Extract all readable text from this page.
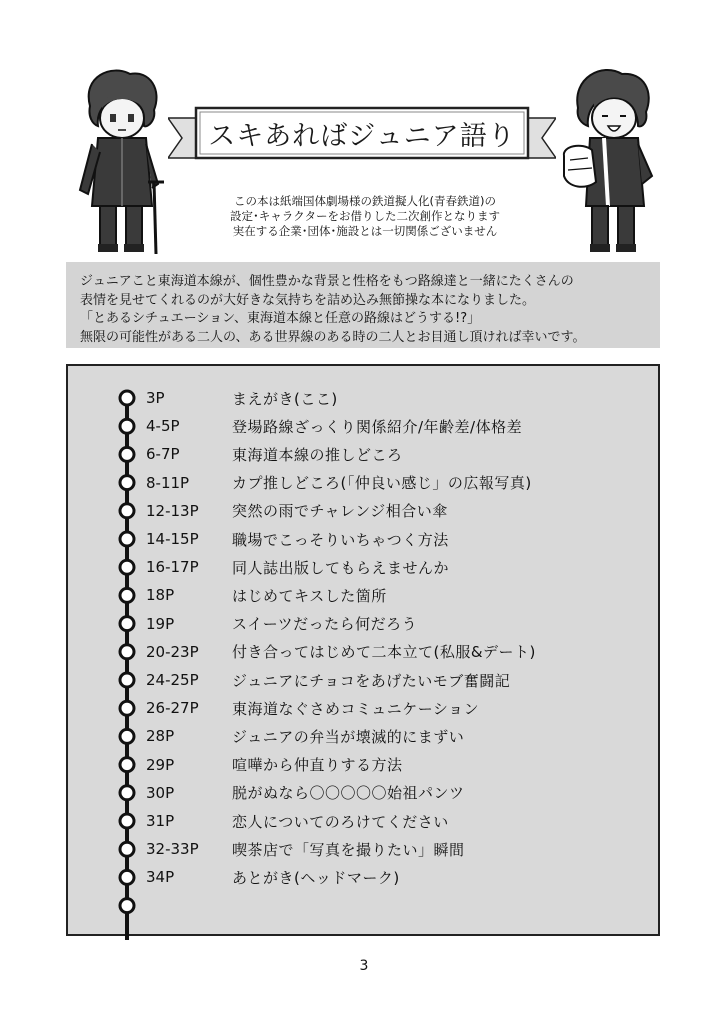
スキあればジュニア語り
この本は紙端国体劇場様の鉄道擬人化(青春鉄道)の
設定･キャラクターをお借りした二次創作となります
実在する企業･団体･施設とは一切関係ございません
ジュニアこと東海道本線が、個性豊かな背景と性格をもつ路線達と一緒にたくさんの
表情を見せてくれるのが大好きな気持ちを詰め込み無節操な本になりました。
「とあるシチュエーション、東海道本線と任意の路線はどうする!?」
無限の可能性がある二人の、ある世界線のある時の二人とお目通し頂ければ幸いです。
3P	まえがき(ここ)
4-5P	登場路線ざっくり関係紹介/年齢差/体格差
6-7P	東海道本線の推しどころ
8-11P	カプ推しどころ(「仲良い感じ」の広報写真)
12-13P 突然の雨でチャレンジ相合い傘
14-15P 職場でこっそりいちゃつく方法
16-17P 同人誌出版してもらえませんか
18P	はじめてキスした箇所
19P	スイーツだったら何だろう
20-23P 付き合ってはじめて二本立て(私服&デート)
24-25P ジュニアにチョコをあげたいモブ奮闘記
26-27P 東海道なぐさめコミュニケーション
28P	ジュニアの弁当が壊滅的にまずい
29P	喧嘩から仲直りする方法
30P	脱がぬなら〇〇〇〇〇始祖パンツ
31P	恋人についてのろけてください
32-33P 喫茶店で「写真を撮りたい」瞬間
34P	あとがき(ヘッドマーク)
3
